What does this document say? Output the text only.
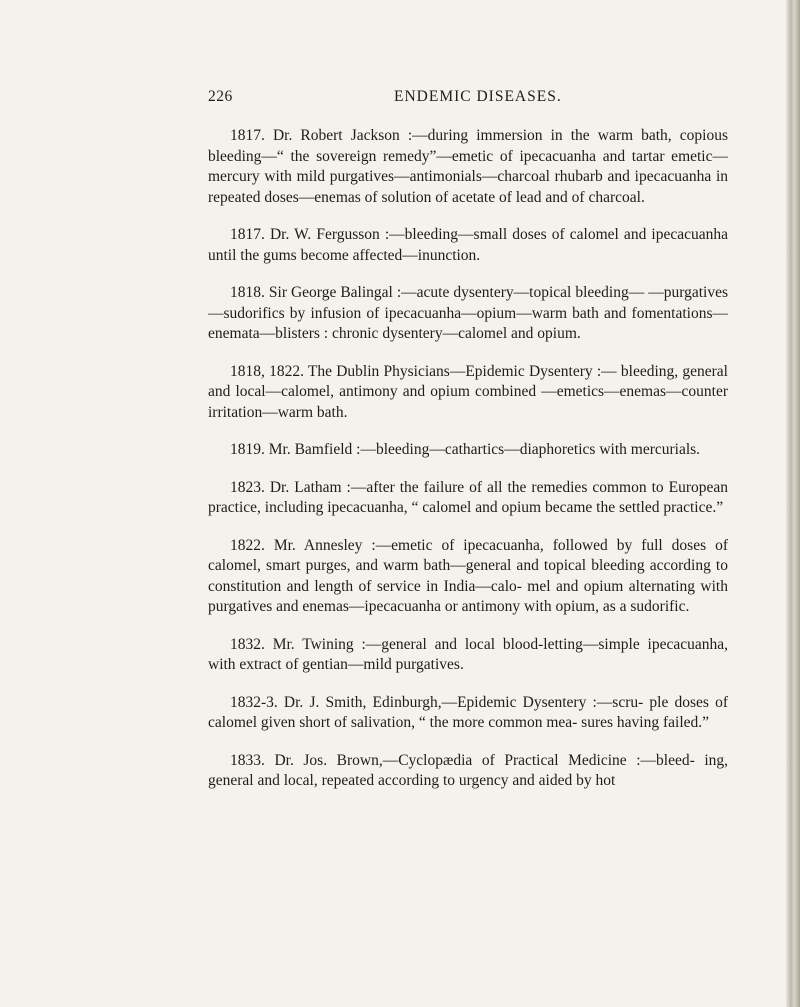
226	ENDEMIC DISEASES.

1817. Dr. Robert Jackson :—during immersion in the warm bath, copious bleeding—“ the sovereign remedy”—emetic of ipecacuanha and tartar emetic—mercury with mild purgatives—antimonials—charcoal rhubarb and ipecacuanha in repeated doses—enemas of solution of acetate of lead and of charcoal.

1817. Dr. W. Fergusson :—bleeding—small doses of calomel and ipecacuanha until the gums become affected—inunction.

1818. Sir George Balingal :—acute dysentery—topical bleeding— —purgatives—sudorifics by infusion of ipecacuanha—opium—warm bath and fomentations—enemata—blisters : chronic dysentery—calomel and opium.

1818, 1822. The Dublin Physicians—Epidemic Dysentery :— bleeding, general and local—calomel, antimony and opium combined —emetics—enemas—counter irritation—warm bath.

1819. Mr. Bamfield :—bleeding—cathartics—diaphoretics with mercurials.

1823. Dr. Latham :—after the failure of all the remedies common to European practice, including ipecacuanha, “ calomel and opium became the settled practice.”

1822. Mr. Annesley :—emetic of ipecacuanha, followed by full doses of calomel, smart purges, and warm bath—general and topical bleeding according to constitution and length of service in India—calo- mel and opium alternating with purgatives and enemas—ipecacuanha or antimony with opium, as a sudorific.

1832. Mr. Twining :—general and local blood-letting—simple ipecacuanha, with extract of gentian—mild purgatives.

1832-3. Dr. J. Smith, Edinburgh,—Epidemic Dysentery :—scru- ple doses of calomel given short of salivation, “ the more common mea- sures having failed.”

1833. Dr. Jos. Brown,—Cyclopædia of Practical Medicine :—bleed- ing, general and local, repeated according to urgency and aided by hot
